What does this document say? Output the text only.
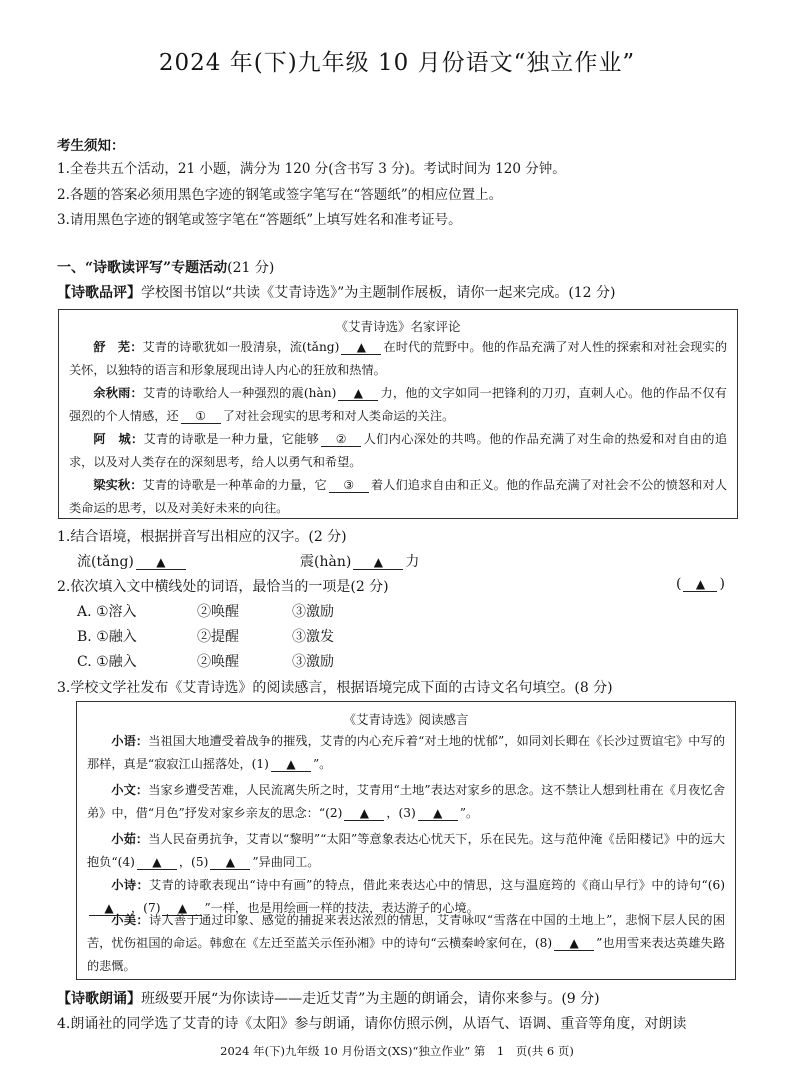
2024 年(下)九年级 10 月份语文“独立作业”
考生须知：
1.全卷共五个活动，21 小题，满分为 120 分(含书写 3 分)。考试时间为 120 分钟。
2.各题的答案必须用黑色字迹的钢笔或签字笔写在“答题纸”的相应位置上。
3.请用黑色字迹的钢笔或签字笔在“答题纸”上填写姓名和准考证号。
一、“诗歌读评写”专题活动(21 分)
【诗歌品评】学校图书馆以“共读《艾青诗选》”为主题制作展板，请你一起来完成。(12 分)
《艾青诗选》名家评论
舒　芜：艾青的诗歌犹如一股清泉，流(tǎng) ▲ 在时代的荒野中。他的作品充满了对人性的探索和对社会现实的关怀，以独特的语言和形象展现出诗人内心的狂放和热情。
余秋雨：艾青的诗歌给人一种强烈的震(hàn) ▲ 力，他的文字如同一把锋利的刀刃，直刺人心。他的作品不仅有强烈的个人情感，还 ① 了对社会现实的思考和对人类命运的关注。
阿　城：艾青的诗歌是一种力量，它能够 ② 人们内心深处的共鸣。他的作品充满了对生命的热爱和对自由的追求，以及对人类存在的深刻思考，给人以勇气和希望。
梁实秋：艾青的诗歌是一种革命的力量，它 ③ 着人们追求自由和正义。他的作品充满了对社会不公的愤怒和对人类命运的思考，以及对美好未来的向往。
1.结合语境，根据拼音写出相应的汉字。(2 分)
流(tǎng) ▲	震(hàn) ▲ 力
2.依次填入文中横线处的词语，最恰当的一项是(2 分)	( ▲ )
A. ①溶入	②唤醒	③激励
B. ①融入	②提醒	③激发
C. ①融入	②唤醒	③激励
3.学校文学社发布《艾青诗选》的阅读感言，根据语境完成下面的古诗文名句填空。(8 分)
《艾青诗选》阅读感言
小语：当祖国大地遭受着战争的摧残，艾青的内心充斥着“对土地的忧郁”，如同刘长卿在《长沙过贾谊宅》中写的那样，真是“寂寂江山摇落处，(1) ▲ ”。
小文：当家乡遭受苦难，人民流离失所之时，艾青用“土地”表达对家乡的思念。这不禁让人想到杜甫在《月夜忆舍弟》中，借“月色”抒发对家乡亲友的思念：“(2) ▲ ，(3) ▲ ”。
小茹：当人民奋勇抗争，艾青以“黎明”“太阳”等意象表达心忧天下，乐在民先。这与范仲淹《岳阳楼记》中的远大抱负“(4) ▲ ，(5) ▲ ”异曲同工。
小诗：艾青的诗歌表现出“诗中有画”的特点，借此来表达心中的情思，这与温庭筠的《商山早行》中的诗句“(6)▲ ，(7) ▲ ”一样，也是用绘画一样的技法，表达游子的心境。
小美：诗人善于通过印象、感觉的捕捉来表达浓烈的情思，艾青咏叹“雪落在中国的土地上”，悲悯下层人民的困苦，忧伤祖国的命运。韩愈在《左迁至蓝关示侄孙湘》中的诗句“云横秦岭家何在，(8) ▲ ”也用雪来表达英雄失路的悲慨。
【诗歌朗诵】班级要开展“为你读诗——走近艾青”为主题的朗诵会，请你来参与。(9 分)
4.朗诵社的同学选了艾青的诗《太阳》参与朗诵，请你仿照示例，从语气、语调、重音等角度，对朗读
2024 年(下)九年级 10 月份语文(XS)“独立作业” 第　1　页(共 6 页)
